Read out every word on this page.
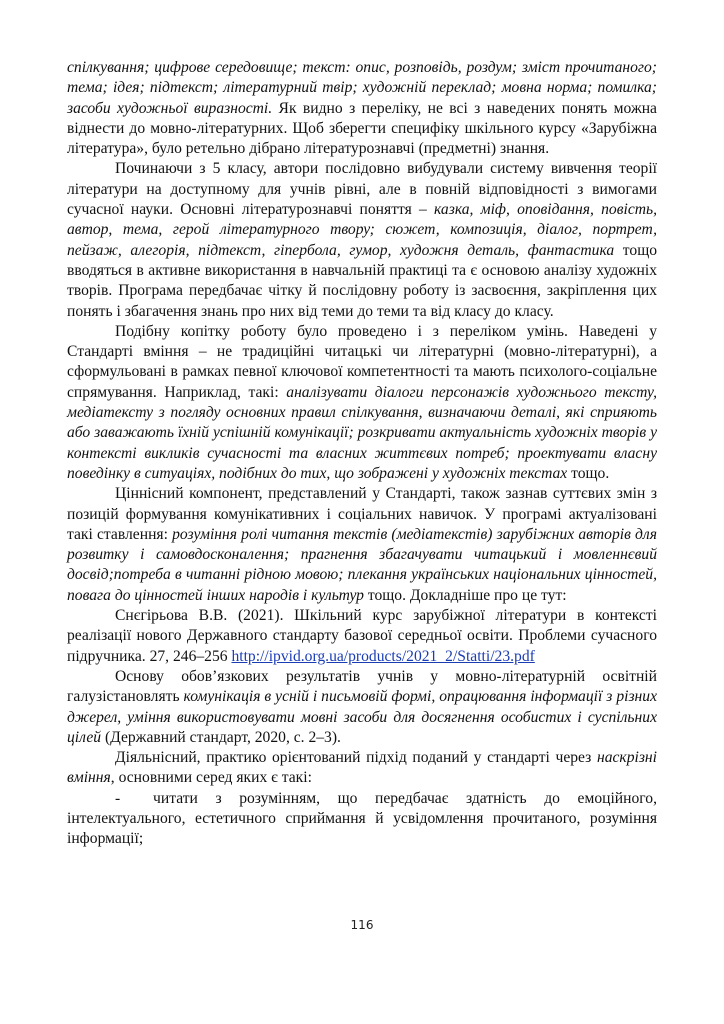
спілкування; цифрове середовище; текст: опис, розповідь, роздум; зміст прочитаного; тема; ідея; підтекст; літературний твір; художній переклад; мовна норма; помилка; засоби художньої виразності. Як видно з переліку, не всі з наведених понять можна віднести до мовно-літературних. Щоб зберегти специфіку шкільного курсу «Зарубіжна література», було ретельно дібрано літературознавчі (предметні) знання.

Починаючи з 5 класу, автори послідовно вибудували систему вивчення теорії літератури на доступному для учнів рівні, але в повній відповідності з вимогами сучасної науки. Основні літературознавчі поняття – казка, міф, оповідання, повість, автор, тема, герой літературного твору; сюжет, композиція, діалог, портрет, пейзаж, алегорія, підтекст, гіпербола, гумор, художня деталь, фантастика тощо вводяться в активне використання в навчальній практиці та є основою аналізу художніх творів. Програма передбачає чітку й послідовну роботу із засвоєння, закріплення цих понять і збагачення знань про них від теми до теми та від класу до класу.

Подібну копітку роботу було проведено і з переліком умінь. Наведені у Стандарті вміння – не традиційні читацькі чи літературні (мовно-літературні), а сформульовані в рамках певної ключової компетентності та мають психолого-соціальне спрямування. Наприклад, такі: аналізувати діалоги персонажів художнього тексту, медіатексту з погляду основних правил спілкування, визначаючи деталі, які сприяють або заважають їхній успішній комунікації; розкривати актуальність художніх творів у контексті викликів сучасності та власних життєвих потреб; проектувати власну поведінку в ситуаціях, подібних до тих, що зображені у художніх текстах тощо.

Ціннісний компонент, представлений у Стандарті, також зазнав суттєвих змін з позицій формування комунікативних і соціальних навичок. У програмі актуалізовані такі ставлення: розуміння ролі читання текстів (медіатекстів) зарубіжних авторів для розвитку і самовдосконалення; прагнення збагачувати читацький і мовленнєвий досвід;потреба в читанні рідною мовою; плекання українських національних цінностей, повага до цінностей інших народів і культур тощо. Докладніше про це тут:

Снєгірьова В.В. (2021). Шкільний курс зарубіжної літератури в контексті реалізації нового Державного стандарту базової середньої освіти. Проблеми сучасного підручника. 27, 246–256 http://ipvid.org.ua/products/2021_2/Statti/23.pdf

Основу обов’язкових результатів учнів у мовно-літературній освітній галузістановлять комунікація в усній і письмовій формі, опрацювання інформації з різних джерел, уміння використовувати мовні засоби для досягнення особистих і суспільних цілей (Державний стандарт, 2020, с. 2–3).

Діяльнісний, практико орієнтований підхід поданий у стандарті через наскрізні вміння, основними серед яких є такі:

- читати з розумінням, що передбачає здатність до емоційного, інтелектуального, естетичного сприймання й усвідомлення прочитаного, розуміння інформації;

116
